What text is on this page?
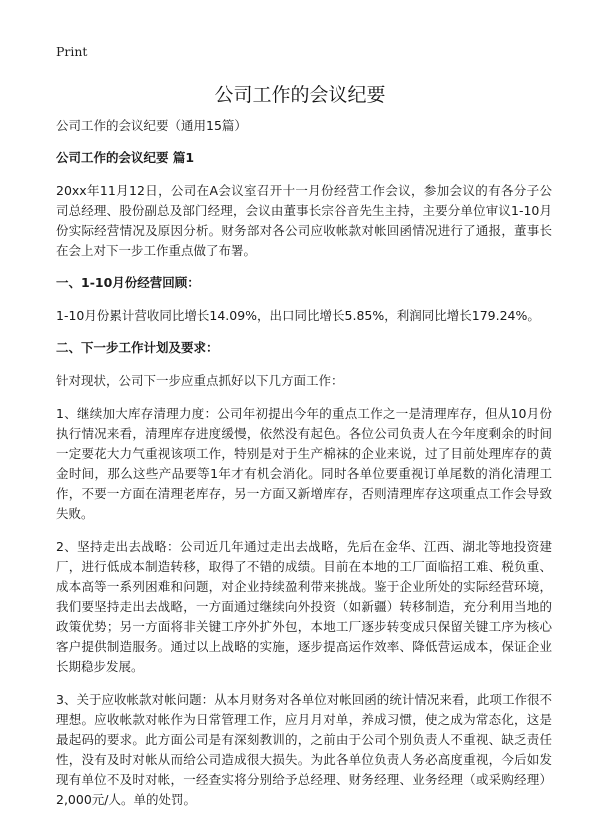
Print
公司工作的会议纪要

公司工作的会议纪要（通用15篇）

公司工作的会议纪要 篇1

20xx年11月12日，公司在A会议室召开十一月份经营工作会议，参加会议的有各分子公司总经理、股份副总及部门经理，会议由董事长宗谷音先生主持，主要分单位审议1-10月份实际经营情况及原因分析。财务部对各公司应收帐款对帐回函情况进行了通报，董事长在会上对下一步工作重点做了布署。

一、1-10月份经营回顾：

1-10月份累计营收同比增长14.09%，出口同比增长5.85%，利润同比增长179.24%。

二、下一步工作计划及要求：

针对现状，公司下一步应重点抓好以下几方面工作：

1、继续加大库存清理力度：公司年初提出今年的重点工作之一是清理库存，但从10月份执行情况来看，清理库存进度缓慢，依然没有起色。各位公司负责人在今年度剩余的时间一定要花大力气重视该项工作，特别是对于生产棉袜的企业来说，过了目前处理库存的黄金时间，那么这些产品要等1年才有机会消化。同时各单位要重视订单尾数的消化清理工作，不要一方面在清理老库存，另一方面又新增库存，否则清理库存这项重点工作会导致失败。

2、坚持走出去战略：公司近几年通过走出去战略，先后在金华、江西、湖北等地投资建厂，进行低成本制造转移，取得了不错的成绩。目前在本地的工厂面临招工难、税负重、成本高等一系列困难和问题，对企业持续盈利带来挑战。鉴于企业所处的实际经营环境，我们要坚持走出去战略，一方面通过继续向外投资（如新疆）转移制造，充分利用当地的政策优势；另一方面将非关键工序外扩外包，本地工厂逐步转变成只保留关键工序为核心客户提供制造服务。通过以上战略的实施，逐步提高运作效率、降低营运成本，保证企业长期稳步发展。

3、关于应收帐款对帐问题：从本月财务对各单位对帐回函的统计情况来看，此项工作很不理想。应收帐款对帐作为日常管理工作，应月月对单，养成习惯，使之成为常态化，这是最起码的要求。此方面公司是有深刻教训的，之前由于公司个别负责人不重视、缺乏责任性，没有及时对帐从而给公司造成很大损失。为此各单位负责人务必高度重视，今后如发现有单位不及时对帐，一经查实将分别给予总经理、财务经理、业务经理（或采购经理）2,000元/人。单的处罚。
